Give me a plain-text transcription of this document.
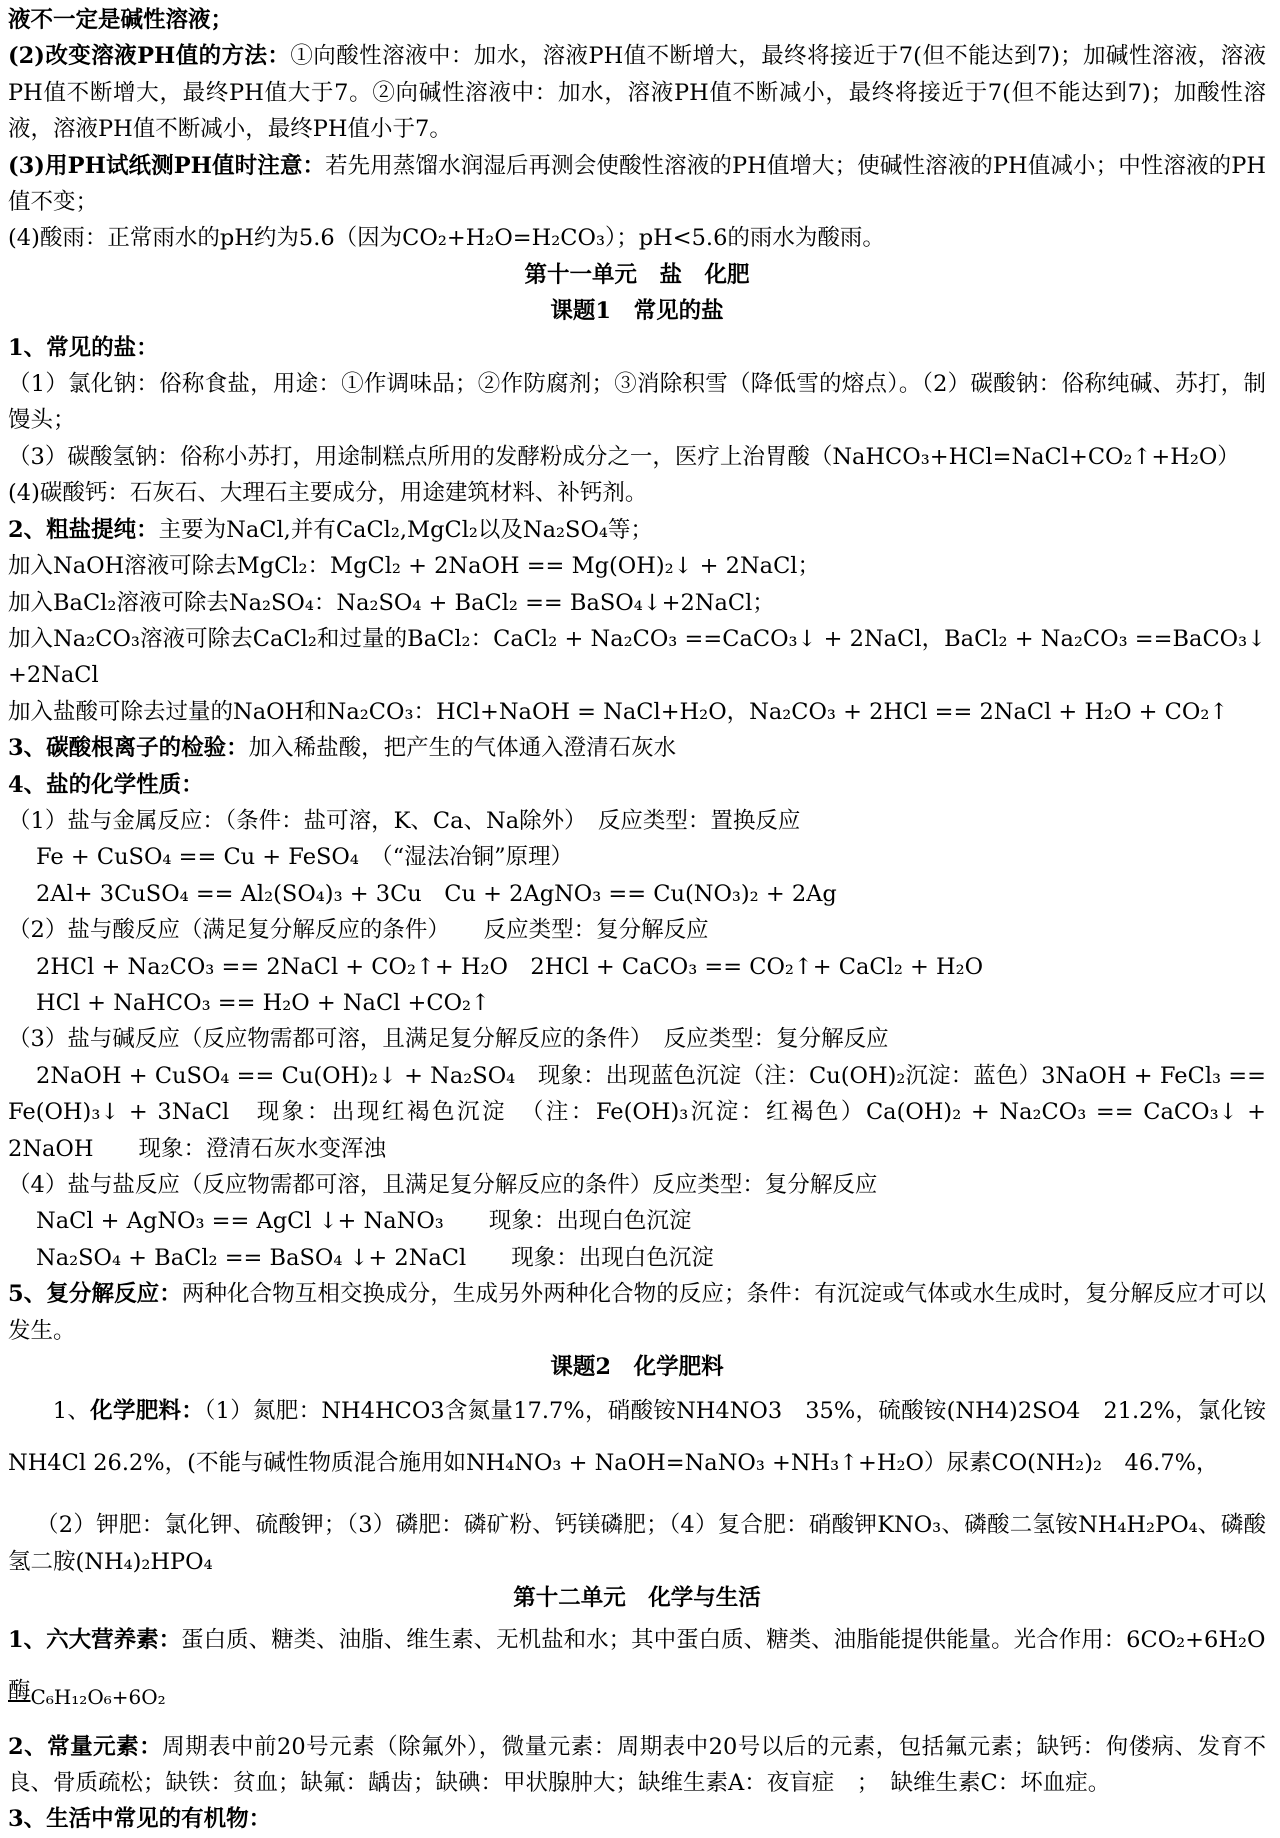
液不一定是碱性溶液；

(2)改变溶液PH值的方法：①向酸性溶液中：加水，溶液PH值不断增大，最终将接近于7(但不能达到7)；加碱性溶液，溶液PH值不断增大，最终PH值大于7。②向碱性溶液中：加水，溶液PH值不断减小，最终将接近于7(但不能达到7)；加酸性溶液，溶液PH值不断减小，最终PH值小于7。

(3)用PH试纸测PH值时注意：若先用蒸馏水润湿后再测会使酸性溶液的PH值增大；使碱性溶液的PH值减小；中性溶液的PH值不变；

(4)酸雨：正常雨水的pH约为5.6（因为CO₂+H₂O=H₂CO₃）；pH<5.6的雨水为酸雨。

第十一单元　盐　化肥

课题1　常见的盐

1、常见的盐：

（1）氯化钠：俗称食盐，用途：①作调味品；②作防腐剂；③消除积雪（降低雪的熔点）。（2）碳酸钠：俗称纯碱、苏打，制馒头；

（3）碳酸氢钠：俗称小苏打，用途制糕点所用的发酵粉成分之一，医疗上治胃酸（NaHCO₃+HCl=NaCl+CO₂↑+H₂O）

(4)碳酸钙：石灰石、大理石主要成分，用途建筑材料、补钙剂。

2、粗盐提纯：主要为NaCl,并有CaCl₂,MgCl₂以及Na₂SO₄等；

加入NaOH溶液可除去MgCl₂：MgCl₂ + 2NaOH == Mg(OH)₂↓ + 2NaCl；

加入BaCl₂溶液可除去Na₂SO₄：Na₂SO₄ + BaCl₂ == BaSO₄↓+2NaCl；

加入Na₂CO₃溶液可除去CaCl₂和过量的BaCl₂：CaCl₂ + Na₂CO₃ ==CaCO₃↓ + 2NaCl，BaCl₂ + Na₂CO₃ ==BaCO₃↓ +2NaCl

加入盐酸可除去过量的NaOH和Na₂CO₃：HCl+NaOH = NaCl+H₂O，Na₂CO₃ + 2HCl == 2NaCl + H₂O + CO₂↑

3、碳酸根离子的检验：加入稀盐酸，把产生的气体通入澄清石灰水

4、盐的化学性质：

（1）盐与金属反应：（条件：盐可溶，K、Ca、Na除外）　反应类型：置换反应

Fe + CuSO₄ == Cu + FeSO₄　（“湿法冶铜”原理）

2Al+ 3CuSO₄ == Al₂(SO₄)₃ + 3Cu　Cu + 2AgNO₃ == Cu(NO₃)₂ + 2Ag

（2）盐与酸反应（满足复分解反应的条件）　　反应类型：复分解反应

2HCl + Na₂CO₃ == 2NaCl + CO₂↑+ H₂O　2HCl + CaCO₃ == CO₂↑+ CaCl₂ + H₂O

HCl + NaHCO₃ == H₂O + NaCl +CO₂↑

（3）盐与碱反应（反应物需都可溶，且满足复分解反应的条件）　反应类型：复分解反应

2NaOH + CuSO₄ == Cu(OH)₂↓ + Na₂SO₄　现象：出现蓝色沉淀（注：Cu(OH)₂沉淀：蓝色）3NaOH + FeCl₃ == Fe(OH)₃↓ + 3NaCl　现象：出现红褐色沉淀　（注：Fe(OH)₃沉淀：红褐色）Ca(OH)₂ + Na₂CO₃ == CaCO₃↓ + 2NaOH　　现象：澄清石灰水变浑浊

（4）盐与盐反应（反应物需都可溶，且满足复分解反应的条件）反应类型：复分解反应

NaCl + AgNO₃ == AgCl ↓+ NaNO₃　　现象：出现白色沉淀

Na₂SO₄ + BaCl₂ == BaSO₄ ↓+ 2NaCl　　现象：出现白色沉淀

5、复分解反应：两种化合物互相交换成分，生成另外两种化合物的反应；条件：有沉淀或气体或水生成时，复分解反应才可以发生。

课题2　化学肥料

　1、化学肥料：（1）氮肥：NH4HCO3含氮量17.7%，硝酸铵NH4NO3　35%，硫酸铵(NH4)2SO4　21.2%，氯化铵NH4Cl 26.2%，(不能与碱性物质混合施用如NH₄NO₃ + NaOH=NaNO₃ +NH₃↑+H₂O）尿素CO(NH₂)₂　46.7%，

（2）钾肥：氯化钾、硫酸钾；（3）磷肥：磷矿粉、钙镁磷肥；（4）复合肥：硝酸钾KNO₃、磷酸二氢铵NH₄H₂PO₄、磷酸氢二胺(NH₄)₂HPO₄

第十二单元　化学与生活

1、六大营养素：蛋白质、糖类、油脂、维生素、无机盐和水；其中蛋白质、糖类、油脂能提供能量。光合作用：6CO₂+6H₂O

酶C₆H₁₂O₆+6O₂

2、常量元素：周期表中前20号元素（除氟外），微量元素：周期表中20号以后的元素，包括氟元素；缺钙：佝偻病、发育不良、骨质疏松；缺铁：贫血；缺氟：龋齿；缺碘：甲状腺肿大；缺维生素A：夜盲症　；　缺维生素C：坏血症。

3、生活中常见的有机物：
